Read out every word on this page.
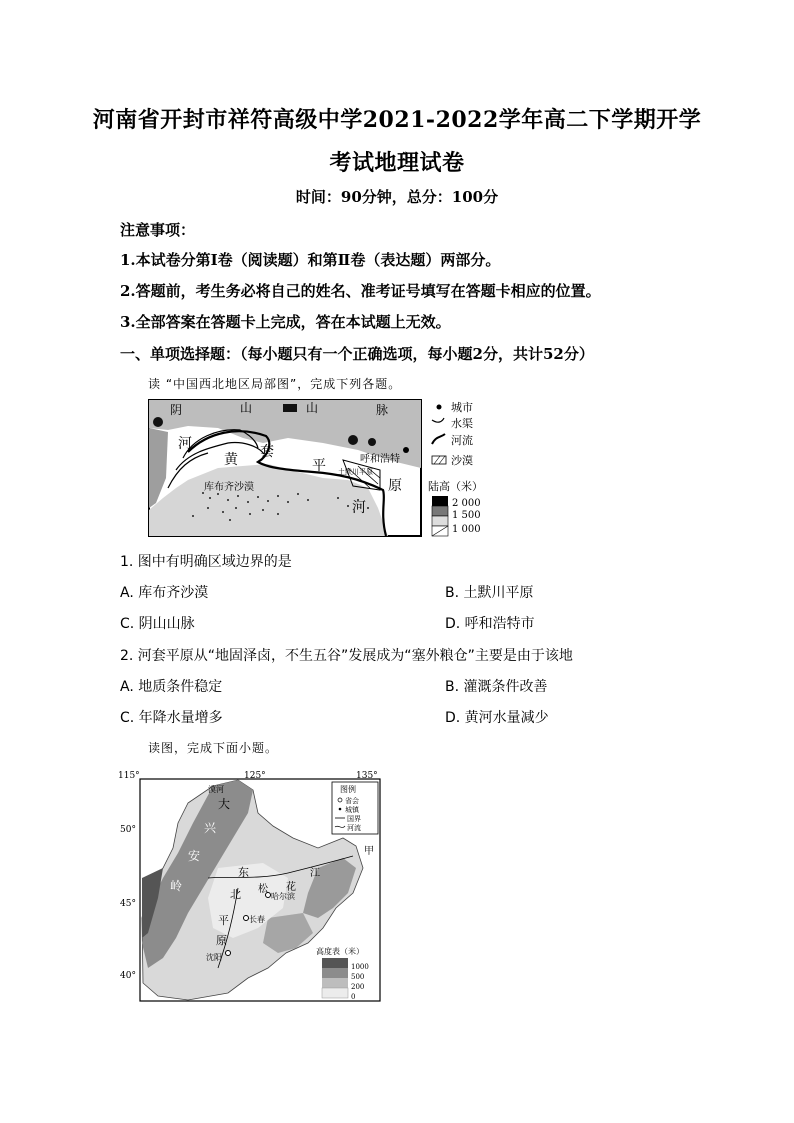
河南省开封市祥符高级中学2021-2022学年高二下学期开学
考试地理试卷
时间：90分钟，总分：100分
注意事项：
1.本试卷分第Ⅰ卷（阅读题）和第Ⅱ卷（表达题）两部分。
2.答题前，考生务必将自己的姓名、准考证号填写在答题卡相应的位置。
3.全部答案在答题卡上完成，答在本试题上无效。
一、单项选择题：（每小题只有一个正确选项，每小题2分，共计52分）
读 “中国西北地区局部图”，完成下列各题。
阴	山	山	脉
河
黄 套
平	呼和浩特
土默川平原
库布齐沙漠	原
河
城市
水渠
河流
沙漠
陆高（米）
2 000
1 500
1 000
1. 图中有明确区域边界的是
A. 库布齐沙漠	B. 土默川平原
C. 阴山山脉	D. 呼和浩特市
2. 河套平原从“地固泽卤，不生五谷”发展成为“塞外粮仓”主要是由于该地
A. 地质条件稳定	B. 灌溉条件改善
C. 年降水量增多	D. 黄河水量减少
读图，完成下面小题。
115°	125°	135°
50°
45°
40°
漠河
大
兴
安
岭
东
北
平
原
松 花
江
哈尔滨
长春
沈阳
甲
图例
省会
城镇
国界
河流
高度表（米）
1000
500
200
0
